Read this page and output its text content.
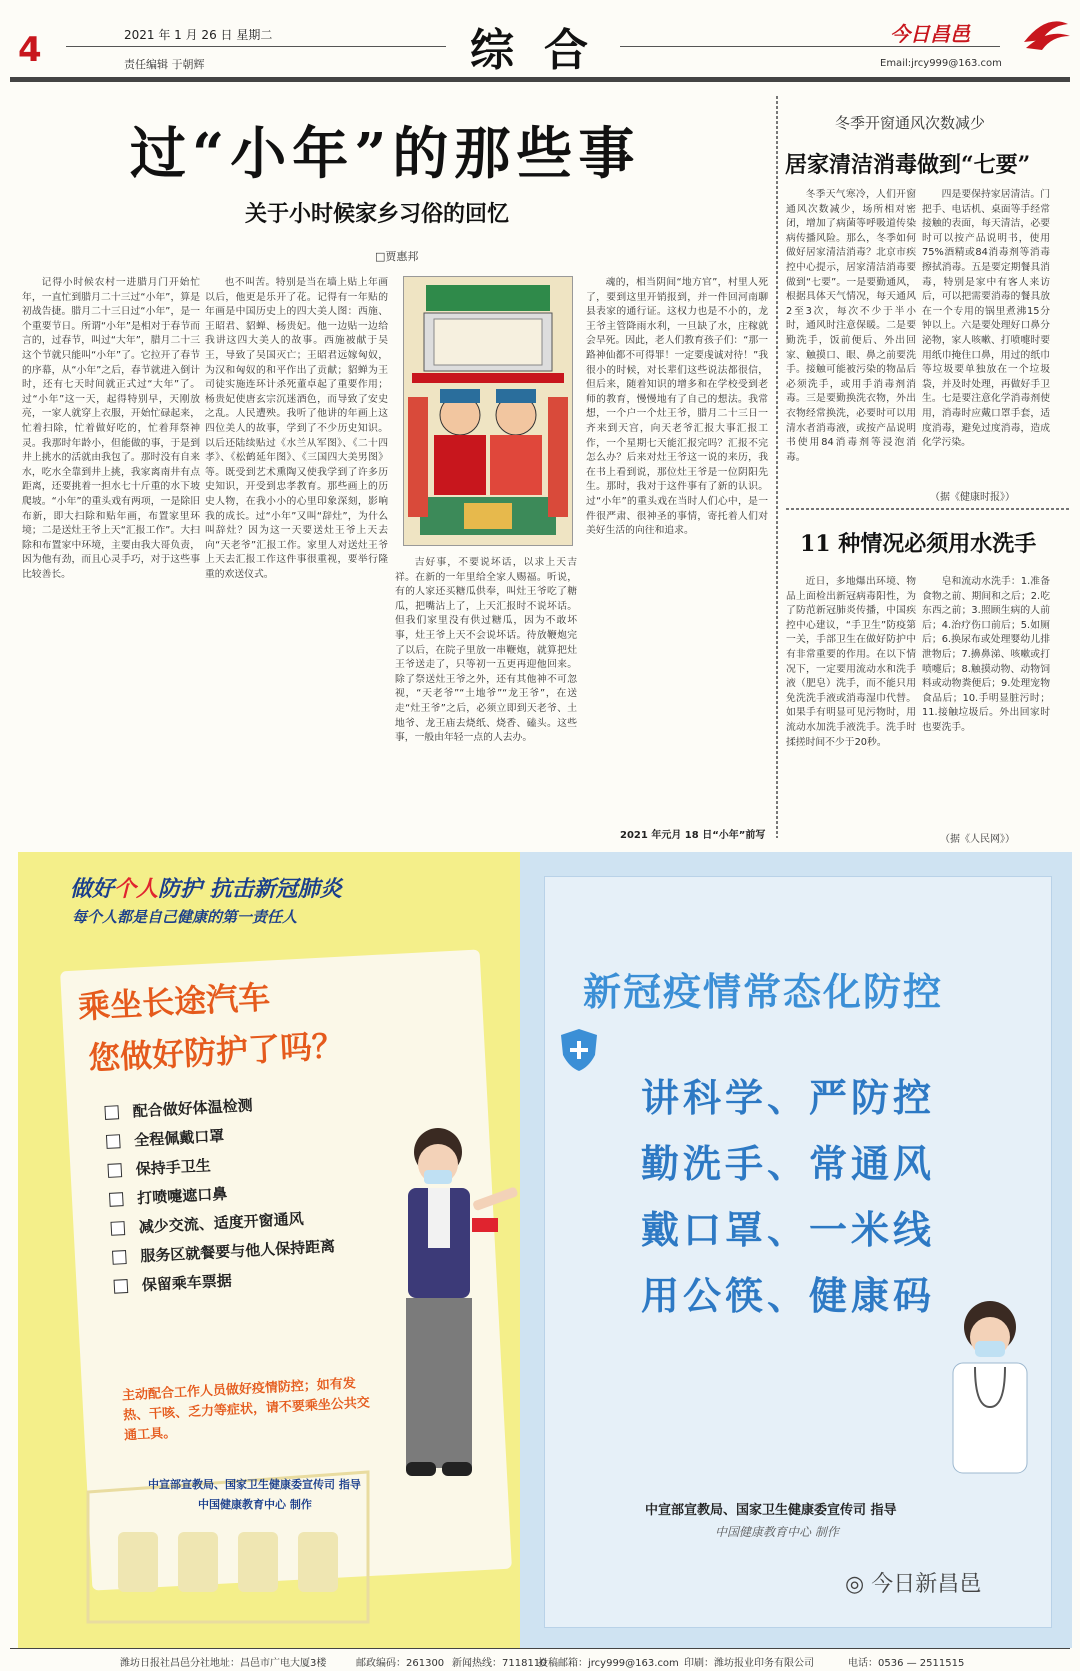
4	2021 年 1 月 26 日 星期二
责任编辑 于朝辉	综合	今日昌邑
Email:jrcy999@163.com
过“小年”的那些事
关于小时候家乡习俗的回忆
□贾惠邦
记得小时候农村一进腊月门开始忙年，一直忙到腊月二十三过“小年”，算是初战告捷。腊月二十三日过“小年”，是一个重要节日。所谓“小年”是相对于春节而言的，过春节，叫过“大年”，腊月二十三这个节就只能叫“小年”了。它拉开了春节的序幕，从“小年”之后，春节就进入倒计时，还有七天时间就正式过“大年”了。过“小年”这一天，起得特别早，天刚放亮，一家人就穿上衣服，开始忙碌起来，忙着扫除，忙着做好吃的，忙着拜祭神灵。我那时年龄小，但能做的事，于是到井上挑水的活就由我包了。那时没有自来水，吃水全靠到井上挑，我家离南井有点距离，还要挑着一担水七十斤重的水下坡爬坡。“小年”的重头戏有两项，一是除旧布新，即大扫除和贴年画，布置家里环境；二是送灶王爷上天“汇报工作”。大扫除和布置家中环境，主要由我大哥负责，因为他有劲，而且心灵手巧，对于这些事比较善长。
也不叫苦。特别是当在墙上贴上年画以后，他更是乐开了花。记得有一年贴的年画是中国历史上的四大美人图：西施、王昭君、貂蝉、杨贵妃。他一边贴一边给我讲这四大美人的故事。西施被献于吴王，导致了吴国灭亡；王昭君远嫁匈奴，为汉和匈奴的和平作出了贡献；貂蝉为王司徒实施连环计杀死董卓起了重要作用；杨贵妃使唐玄宗沉迷酒色，而导致了安史之乱。人民遭殃。我听了他讲的年画上这四位美人的故事，学到了不少历史知识。以后还陆续贴过《水兰从军图》、《二十四孝》、《松鹤延年图》、《三国四大美男图》等。既受到艺术熏陶又使我学到了许多历史知识，开受到忠孝教育。那些画上的历史人物，在我小小的心里印象深刻，影响我的成长。过“小年”又叫“辞灶”，为什么叫辞灶？因为这一天要送灶王爷上天去向“天老爷”汇报工作。家里人对送灶王爷上天去汇报工作这件事很重视，要举行隆重的欢送仪式。
吉好事，不要说坏话，以求上天吉祥。在新的一年里给全家人赐福。听说，有的人家还买糖瓜供奉，叫灶王爷吃了糖瓜，把嘴沾上了，上天汇报时不说坏话。但我们家里没有供过糖瓜，因为不敢坏事，灶王爷上天不会说坏话。待放鞭炮完了以后，在院子里放一串鞭炮，就算把灶王爷送走了，只等初一五更再迎他回来。除了祭送灶王爷之外，还有其他神不可忽视，“天老爷”“土地爷”“龙王爷”，在送走“灶王爷”之后，必须立即到天老爷、土地爷、龙王庙去烧纸、烧香、磕头。这些事，一般由年轻一点的人去办。
魂的，相当阴间“地方官”，村里人死了，要到这里开销报到，并一件回河南聊县表家的通行证。这权力也是不小的，龙王爷主管降雨水利，一旦缺了水，庄稼就会旱死。因此，老人们教育孩子们：“那一路神仙都不可得罪！一定要虔诚对待！”我很小的时候，对长辈们这些说法都很信，但后来，随着知识的增多和在学校受到老师的教育，慢慢地有了自己的想法。我常想，一个户一个灶王爷，腊月二十三日一齐来到天宫，向天老爷汇报大事汇报工作，一个星期七天能汇报完吗？汇报不完怎么办？后来对灶王爷这一说的来历，我在书上看到说，那位灶王爷是一位阴阳先生。那时，我对于这件事有了新的认识。过“小年”的重头戏在当时人们心中，是一件很严肃、很神圣的事情，寄托着人们对美好生活的向往和追求。
2021 年元月 18 日“小年”前写
冬季开窗通风次数减少
居家清洁消毒做到“七要”
冬季天气寒冷，人们开窗通风次数减少，场所相对密闭，增加了病菌等呼吸道传染病传播风险。那么，冬季如何做好居家清洁消毒？北京市疾控中心提示，居家清洁消毒要做到“七要”。一是要勤通风，根据具体天气情况，每天通风2至3次，每次不少于半小时，通风时注意保暖。二是要勤洗手，饭前便后、外出回家、触摸口、眼、鼻之前要洗手。接触可能被污染的物品后必须洗手，或用手消毒剂消毒。三是要勤换洗衣物，外出衣物经常换洗，必要时可以用清水者消毒液，或按产品说明书使用84消毒剂等浸泡消毒。
四是要保持家居清洁。门把手、电话机、桌面等手经常接触的表面，每天清洁，必要时可以按产品说明书，使用75%酒精或84消毒剂等消毒擦拭消毒。五是要定期餐具消毒，特别是家中有客人来访后，可以把需要消毒的餐具放在一个专用的锅里煮沸15分钟以上。六是要处理好口鼻分泌物，家人咳嗽、打喷嚏时要用纸巾掩住口鼻，用过的纸巾等垃圾要单独放在一个垃圾袋，并及时处理，再做好手卫生。七是要注意化学消毒剂使用，消毒时应戴口罩手套，适度消毒，避免过度消毒，造成化学污染。
（据《健康时报》）
11 种情况必须用水洗手
近日，多地爆出环境、物品上面检出新冠病毒阳性，为了防范新冠肺炎传播，中国疾控中心建议，“手卫生”防疫第一关，手部卫生在做好防护中有非常重要的作用。在以下情况下，一定要用流动水和洗手液（肥皂）洗手，而不能只用免洗洗手液或消毒湿巾代替。如果手有明显可见污物时，用流动水加洗手液洗手。洗手时揉搓时间不少于20秒。
皂和流动水洗手：1.准备食物之前、期间和之后；2.吃东西之前；3.照顾生病的人前后；4.治疗伤口前后；5.如厕后；6.换尿布或处理婴幼儿排泄物后；7.擤鼻涕、咳嗽或打喷嚏后；8.触摸动物、动物饲料或动物粪便后；9.处理宠物食品后；10.手明显脏污时；11.接触垃圾后。外出回家时也要洗手。
（据《人民网》）
做好个人防护 抗击新冠肺炎
每个人都是自己健康的第一责任人
乘坐长途汽车
您做好防护了吗？
配合做好体温检测
全程佩戴口罩
保持手卫生
打喷嚏遮口鼻
减少交流、适度开窗通风
服务区就餐要与他人保持距离
保留乘车票据
主动配合工作人员做好疫情防控；如有发热、干咳、乏力等症状，请不要乘坐公共交通工具。
中宣部宣教局、国家卫生健康委宣传司 指导
中国健康教育中心 制作
新冠疫情常态化防控
讲科学、严防控
勤洗手、常通风
戴口罩、一米线
用公筷、健康码
中宣部宣教局、国家卫生健康委宣传司 指导
中国健康教育中心 制作
◎ 今日新昌邑
潍坊日报社昌邑分社地址：昌邑市广电大厦3楼	邮政编码：261300 新闻热线：7118110
投稿邮箱：jrcy999@163.com 印刷：潍坊报业印务有限公司	电话：0536 — 2511515
